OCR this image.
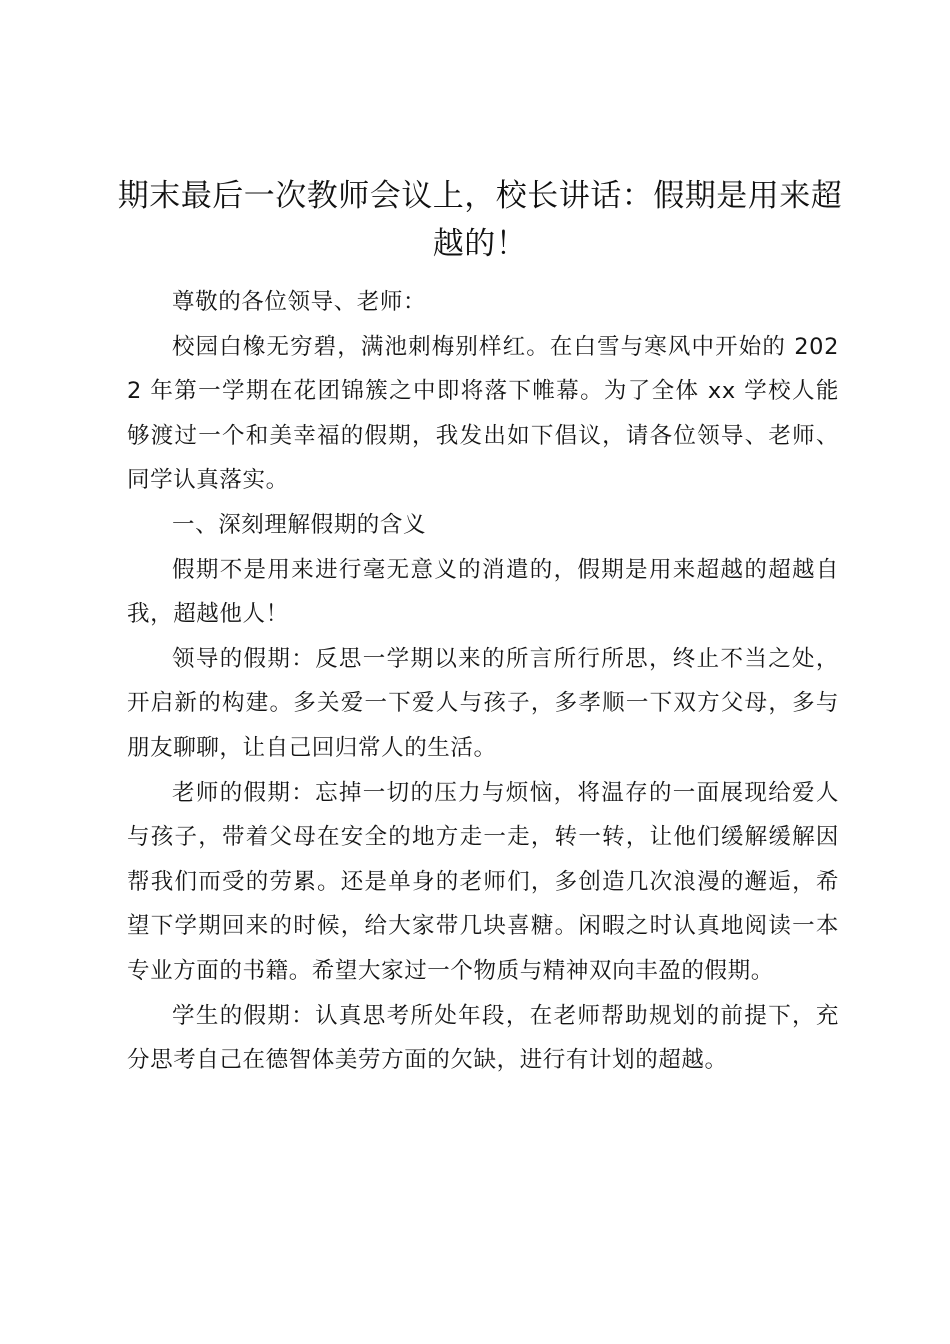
期末最后一次教师会议上，校长讲话：假期是用来超越的！

尊敬的各位领导、老师：

校园白橡无穷碧，满池刺梅别样红。在白雪与寒风中开始的 2022 年第一学期在花团锦簇之中即将落下帷幕。为了全体 xx 学校人能够渡过一个和美幸福的假期，我发出如下倡议，请各位领导、老师、同学认真落实。

一、深刻理解假期的含义

假期不是用来进行毫无意义的消遣的，假期是用来超越的超越自我，超越他人！

领导的假期：反思一学期以来的所言所行所思，终止不当之处，开启新的构建。多关爱一下爱人与孩子，多孝顺一下双方父母，多与朋友聊聊，让自己回归常人的生活。

老师的假期：忘掉一切的压力与烦恼，将温存的一面展现给爱人与孩子，带着父母在安全的地方走一走，转一转，让他们缓解缓解因帮我们而受的劳累。还是单身的老师们，多创造几次浪漫的邂逅，希望下学期回来的时候，给大家带几块喜糖。闲暇之时认真地阅读一本专业方面的书籍。希望大家过一个物质与精神双向丰盈的假期。

学生的假期：认真思考所处年段，在老师帮助规划的前提下，充分思考自己在德智体美劳方面的欠缺，进行有计划的超越。
